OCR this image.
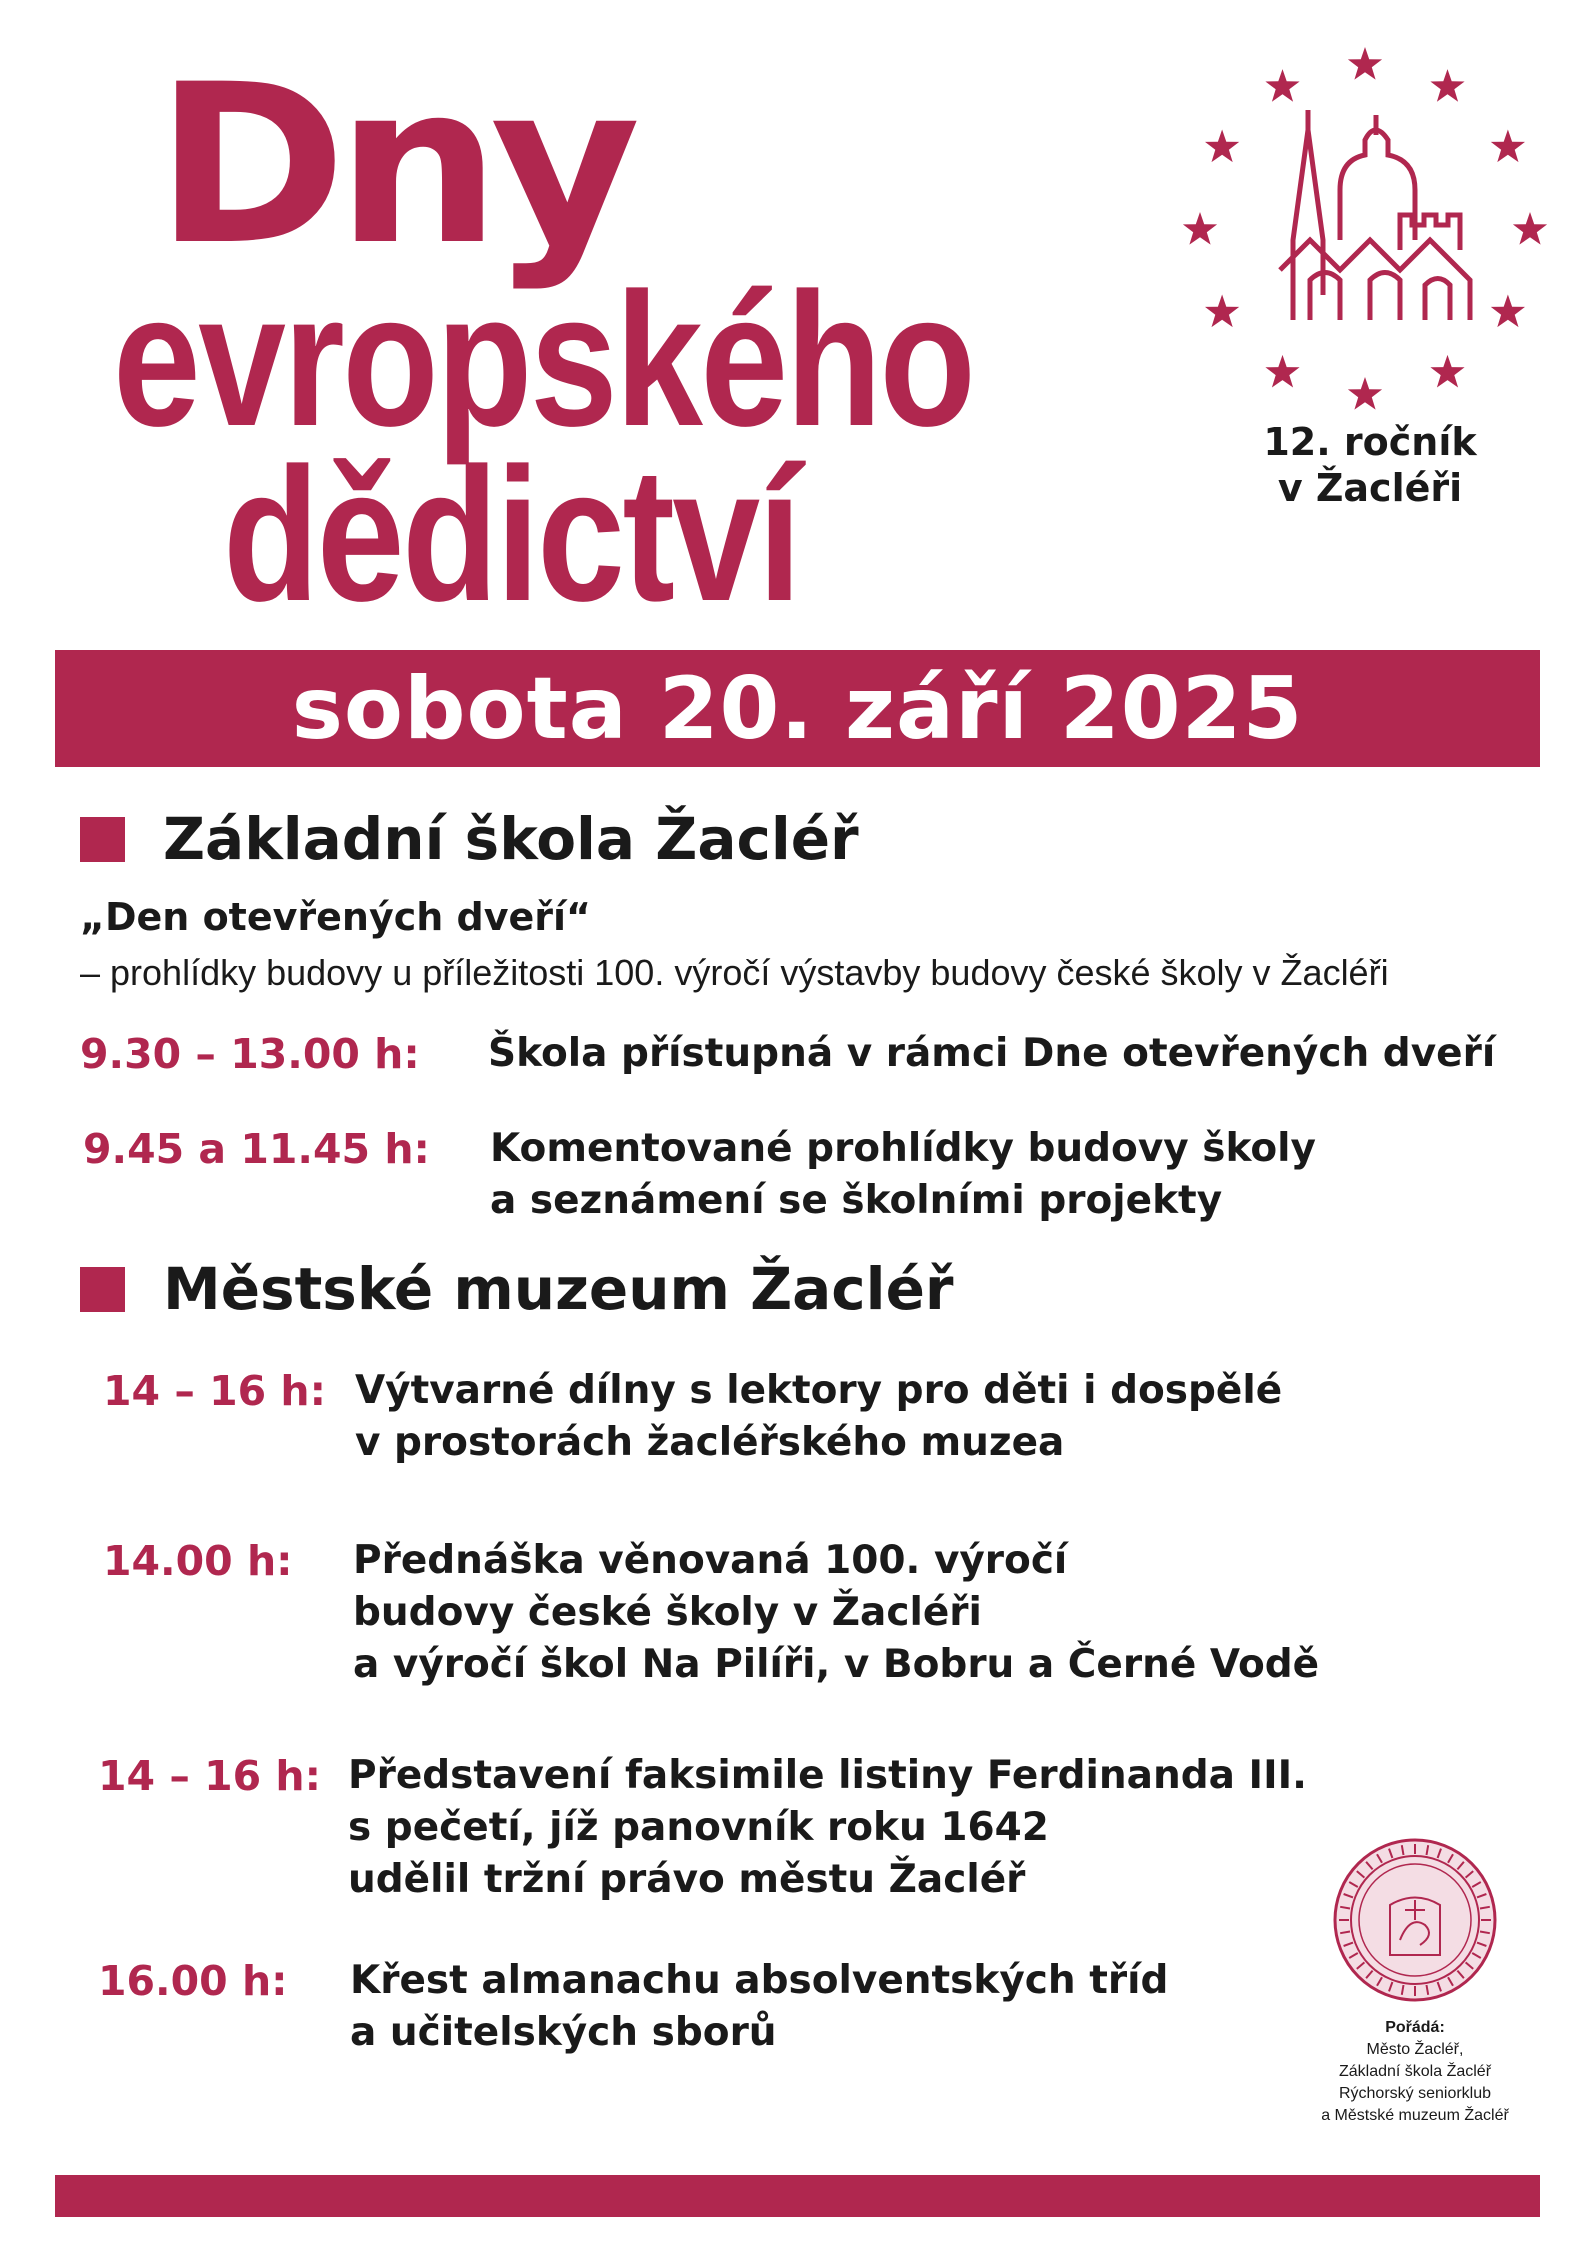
Dny
evropského
dědictví	12. ročník
v Žacléři
sobota 20. září 2025
Základní škola Žacléř
„Den otevřených dveří“
– prohlídky budovy u příležitosti 100. výročí výstavby budovy české školy v Žacléři
9.30 – 13.00 h: Škola přístupná v rámci Dne otevřených dveří
9.45 a 11.45 h: Komentované prohlídky budovy školy
a seznámení se školními projekty
Městské muzeum Žacléř
14 – 16 h: Výtvarné dílny s lektory pro děti i dospělé
v prostorách žacléřského muzea
14.00 h: Přednáška věnovaná 100. výročí
budovy české školy v Žacléři
a výročí škol Na Pilíři, v Bobru a Černé Vodě
14 – 16 h: Představení faksimile listiny Ferdinanda III.
s pečetí, jíž panovník roku 1642
udělil tržní právo městu Žacléř
16.00 h: Křest almanachu absolventských tříd
a učitelských sborů	Pořádá:
Město Žacléř,
Základní škola Žacléř
Rýchorský seniorklub
a Městské muzeum Žacléř
